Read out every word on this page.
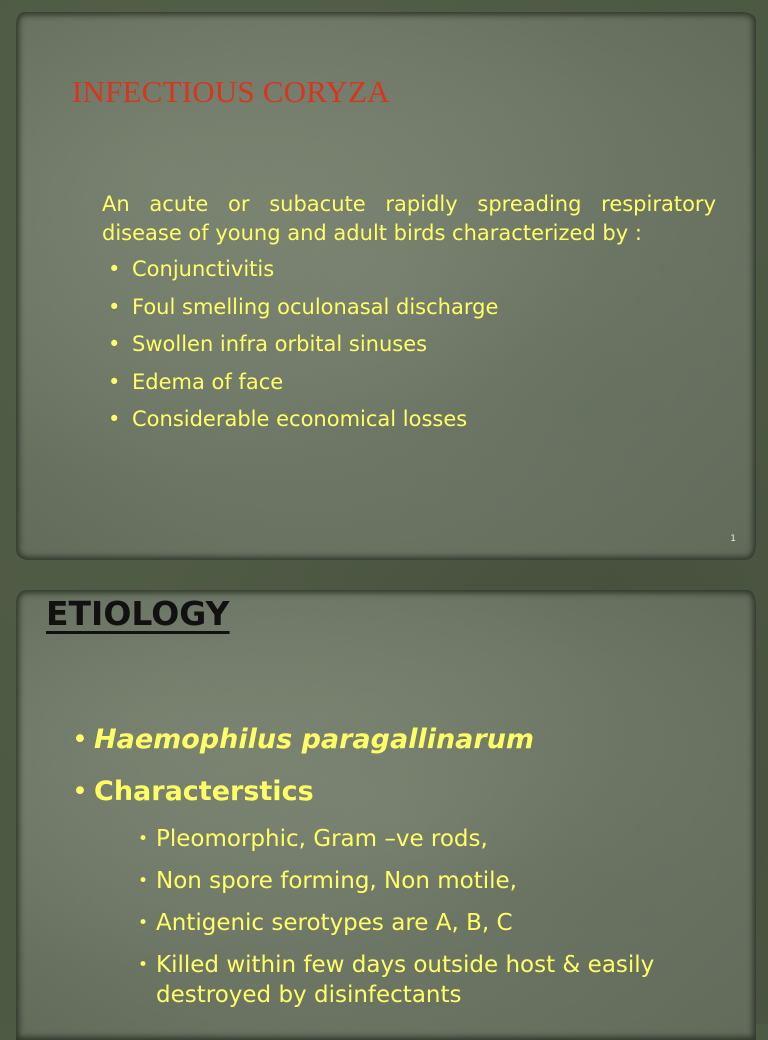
INFECTIOUS CORYZA

An acute or subacute rapidly spreading respiratory disease of young and adult birds characterized by :

• Conjunctivitis
• Foul smelling oculonasal discharge
• Swollen infra orbital sinuses
• Edema of face
• Considerable economical losses
1
ETIOLOGY

• Haemophilus paragallinarum

• Characterstics

• Pleomorphic, Gram –ve rods,
• Non spore forming, Non motile,
• Antigenic serotypes are A, B, C
• Killed within few days outside host & easily destroyed by disinfectants
